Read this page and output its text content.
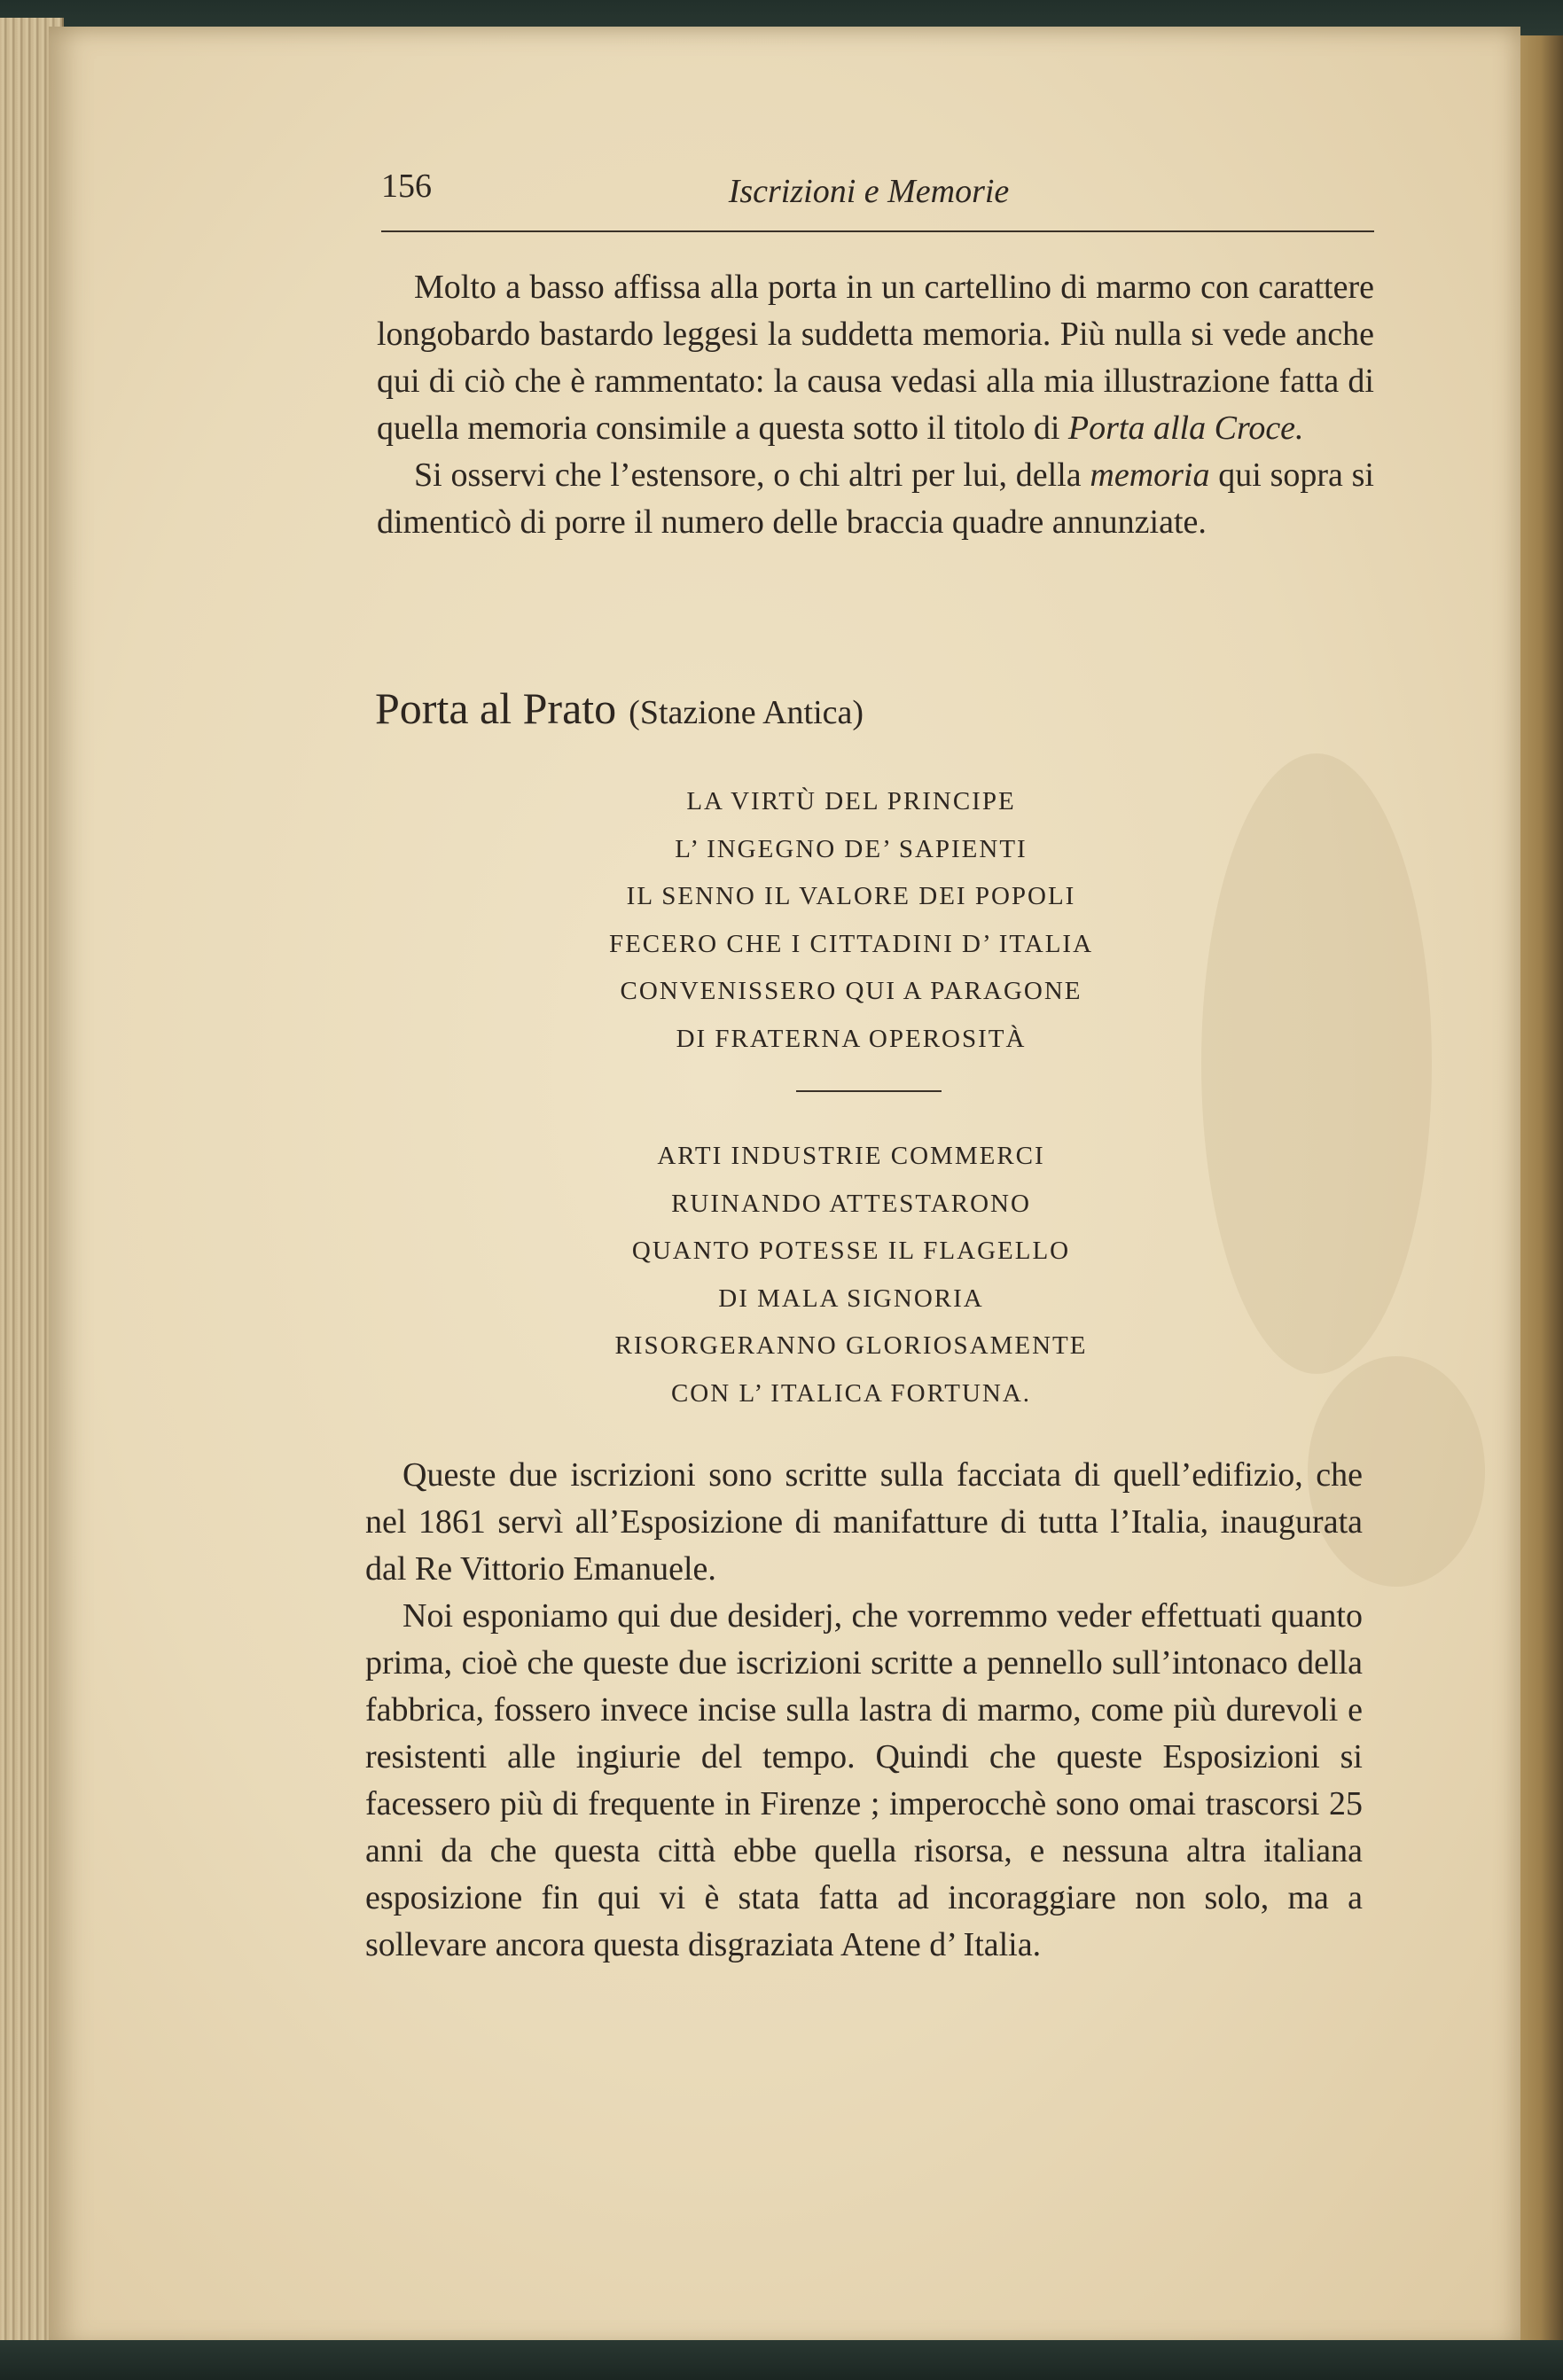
156	Iscrizioni e Memorie

Molto a basso affissa alla porta in un cartellino di marmo con carattere longobardo bastardo leggesi la suddetta memoria. Più nulla si vede anche qui di ciò che è rammentato: la causa vedasi alla mia illustrazione fatta di quella memoria consimile a questa sotto il titolo di Porta alla Croce.

Si osservi che l’estensore, o chi altri per lui, della memoria qui sopra si dimenticò di porre il numero delle braccia quadre annunziate.

Porta al Prato (Stazione Antica)

LA VIRTÙ DEL PRINCIPE

L’ INGEGNO DE’ SAPIENTI

IL SENNO IL VALORE DEI POPOLI

FECERO CHE I CITTADINI D’ ITALIA

CONVENISSERO QUI A PARAGONE

DI FRATERNA OPEROSITÀ

ARTI INDUSTRIE COMMERCI

RUINANDO ATTESTARONO

QUANTO POTESSE IL FLAGELLO

DI MALA SIGNORIA

RISORGERANNO GLORIOSAMENTE

CON L’ ITALICA FORTUNA.

Queste due iscrizioni sono scritte sulla facciata di quell’edifizio, che nel 1861 servì all’Esposizione di manifatture di tutta l’Italia, inaugurata dal Re Vittorio Emanuele.

Noi esponiamo qui due desiderj, che vorremmo veder effettuati quanto prima, cioè che queste due iscrizioni scritte a pennello sull’intonaco della fabbrica, fossero invece incise sulla lastra di marmo, come più durevoli e resistenti alle ingiurie del tempo. Quindi che queste Esposizioni si facessero più di frequente in Firenze ; imperocchè sono omai trascorsi 25 anni da che questa città ebbe quella risorsa, e nessuna altra italiana esposizione fin qui vi è stata fatta ad incoraggiare non solo, ma a sollevare ancora questa disgraziata Atene d’ Italia.
